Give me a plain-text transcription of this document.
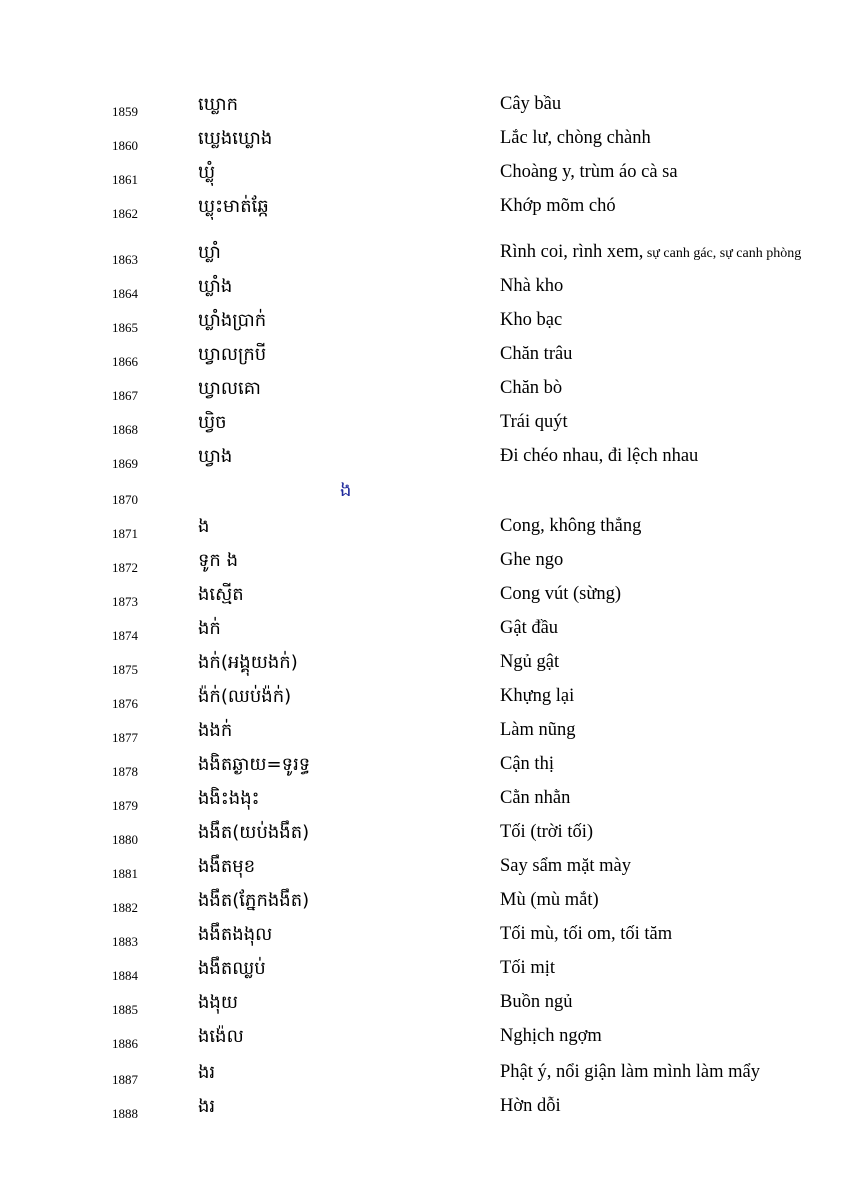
1859	ឃ្លោក	Cây bầu
1860	ឃ្លេងឃ្លោង	Lắc lư, chòng chành
1861	ឃ្លុំ	Choàng y, trùm áo cà sa
1862	ឃ្លុះមាត់ឆ្កែ	Khớp mõm chó
1863	ឃ្លាំ	Rình coi, rình xem, sự canh gác, sự canh phòng
1864	ឃ្លាំង	Nhà kho
1865	ឃ្លាំងប្រាក់	Kho bạc
1866	ឃ្វាលក្របី	Chăn trâu
1867	ឃ្វាលគោ	Chăn bò
1868	ឃ្វិច	Trái quýt
1869	ឃ្វាង	Đi chéo nhau, đi lệch nhau
1870	ង
1871	ង	Cong, không thẳng
1872	ទូក ង	Ghe ngo
1873	ងស្មើត	Cong vút (sừng)
1874	ងក់	Gật đầu
1875	ងក់(អង្គុយងក់)	Ngủ gật
1876	ង៉ក់(ឈប់ង៉ក់)	Khựng lại
1877	ងងក់	Làm nũng
1878	ងងិតឆ្ងាយ=ទូរទ្ធ	Cận thị
1879	ងងិះងងុះ	Cằn nhằn
1880	ងងឹត(យប់ងងឹត)	Tối (trời tối)
1881	ងងឹតមុខ	Say sẩm mặt mày
1882	ងងឹត(ភ្នែកងងឹត)	Mù (mù mắt)
1883	ងងឹតងងុល	Tối mù, tối om, tối tăm
1884	ងងឹតឈ្លប់	Tối mịt
1885	ងងុយ	Buồn ngủ
1886	ងង៉េល	Nghịch ngợm
1887	ងរ	Phật ý, nổi giận làm mình làm mẩy
1888	ងរ	Hờn dỗi
